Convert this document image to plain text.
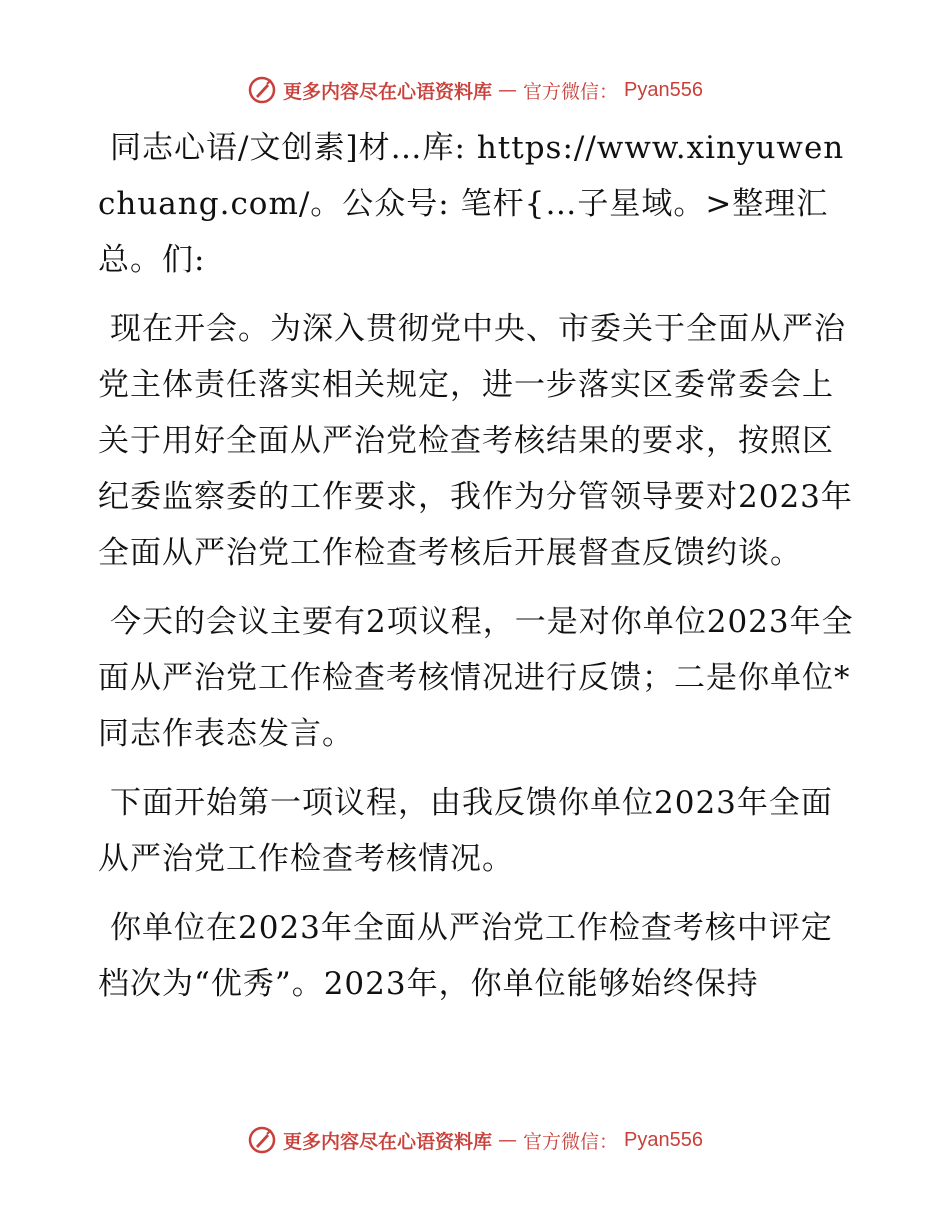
更多内容尽在心语资料库 — 官方微信： Pyan556

同志心语/文创素]材…库: https://www.xinyuwenchuang.com/。公众号: 笔杆{…子星域。>整理汇总。们:

现在开会。为深入贯彻党中央、市委关于全面从严治党主体责任落实相关规定，进一步落实区委常委会上关于用好全面从严治党检查考核结果的要求，按照区纪委监察委的工作要求，我作为分管领导要对2023年全面从严治党工作检查考核后开展督查反馈约谈。

今天的会议主要有2项议程，一是对你单位2023年全面从严治党工作检查考核情况进行反馈；二是你单位*同志作表态发言。

下面开始第一项议程，由我反馈你单位2023年全面从严治党工作检查考核情况。

你单位在2023年全面从严治党工作检查考核中评定档次为“优秀”。2023年，你单位能够始终保持

更多内容尽在心语资料库 — 官方微信： Pyan556
